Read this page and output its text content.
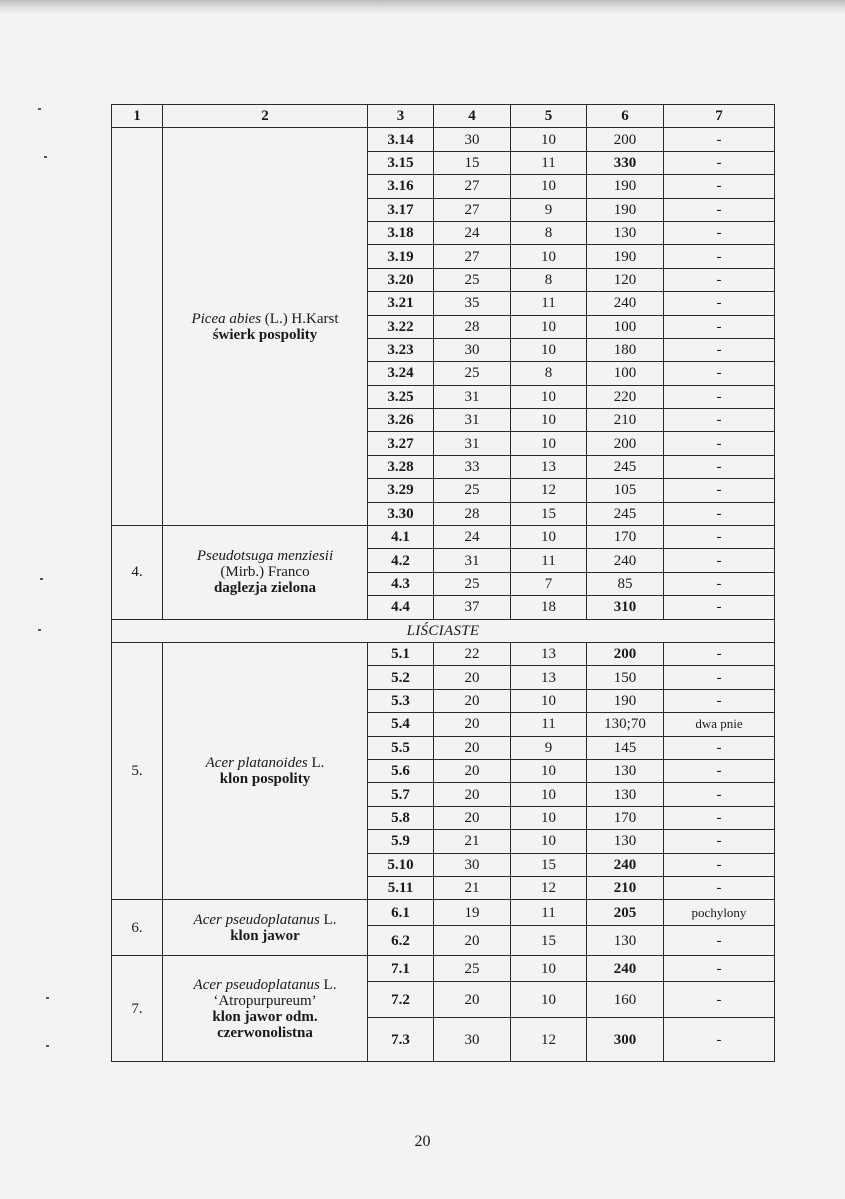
1	2	3	4	5	6	7

	Picea abies (L.) H.Karst
świerk pospolity	3.14	30	10	200	-
		3.15	15	11	330	-
		3.16	27	10	190	-
		3.17	27	9	190	-
		3.18	24	8	130	-
		3.19	27	10	190	-
		3.20	25	8	120	-
		3.21	35	11	240	-
		3.22	28	10	100	-
		3.23	30	10	180	-
		3.24	25	8	100	-
		3.25	31	10	220	-
		3.26	31	10	210	-
		3.27	31	10	200	-
		3.28	33	13	245	-
		3.29	25	12	105	-
		3.30	28	15	245	-
4.	Pseudotsuga menziesii
(Mirb.) Franco
daglezja zielona	4.1	24	10	170	-
		4.2	31	11	240	-
		4.3	25	7	85	-
		4.4	37	18	310	-
LIŚCIASTE						
5.	Acer platanoides L.
klon pospolity	5.1	22	13	200	-
		5.2	20	13	150	-
		5.3	20	10	190	-
		5.4	20	11	130;70	dwa pnie
		5.5	20	9	145	-
		5.6	20	10	130	-
		5.7	20	10	130	-
		5.8	20	10	170	-
		5.9	21	10	130	-
		5.10	30	15	240	-
		5.11	21	12	210	-
6.	Acer pseudoplatanus L.
klon jawor	6.1	19	11	205	pochylony
		6.2	20	15	130	-
7.	Acer pseudoplatanus L.
‘Atropurpureum’
klon jawor odm. czerwonolistna	7.1	25	10	240	-
		7.2	20	10	160	-
		7.3	30	12	300	-
20
